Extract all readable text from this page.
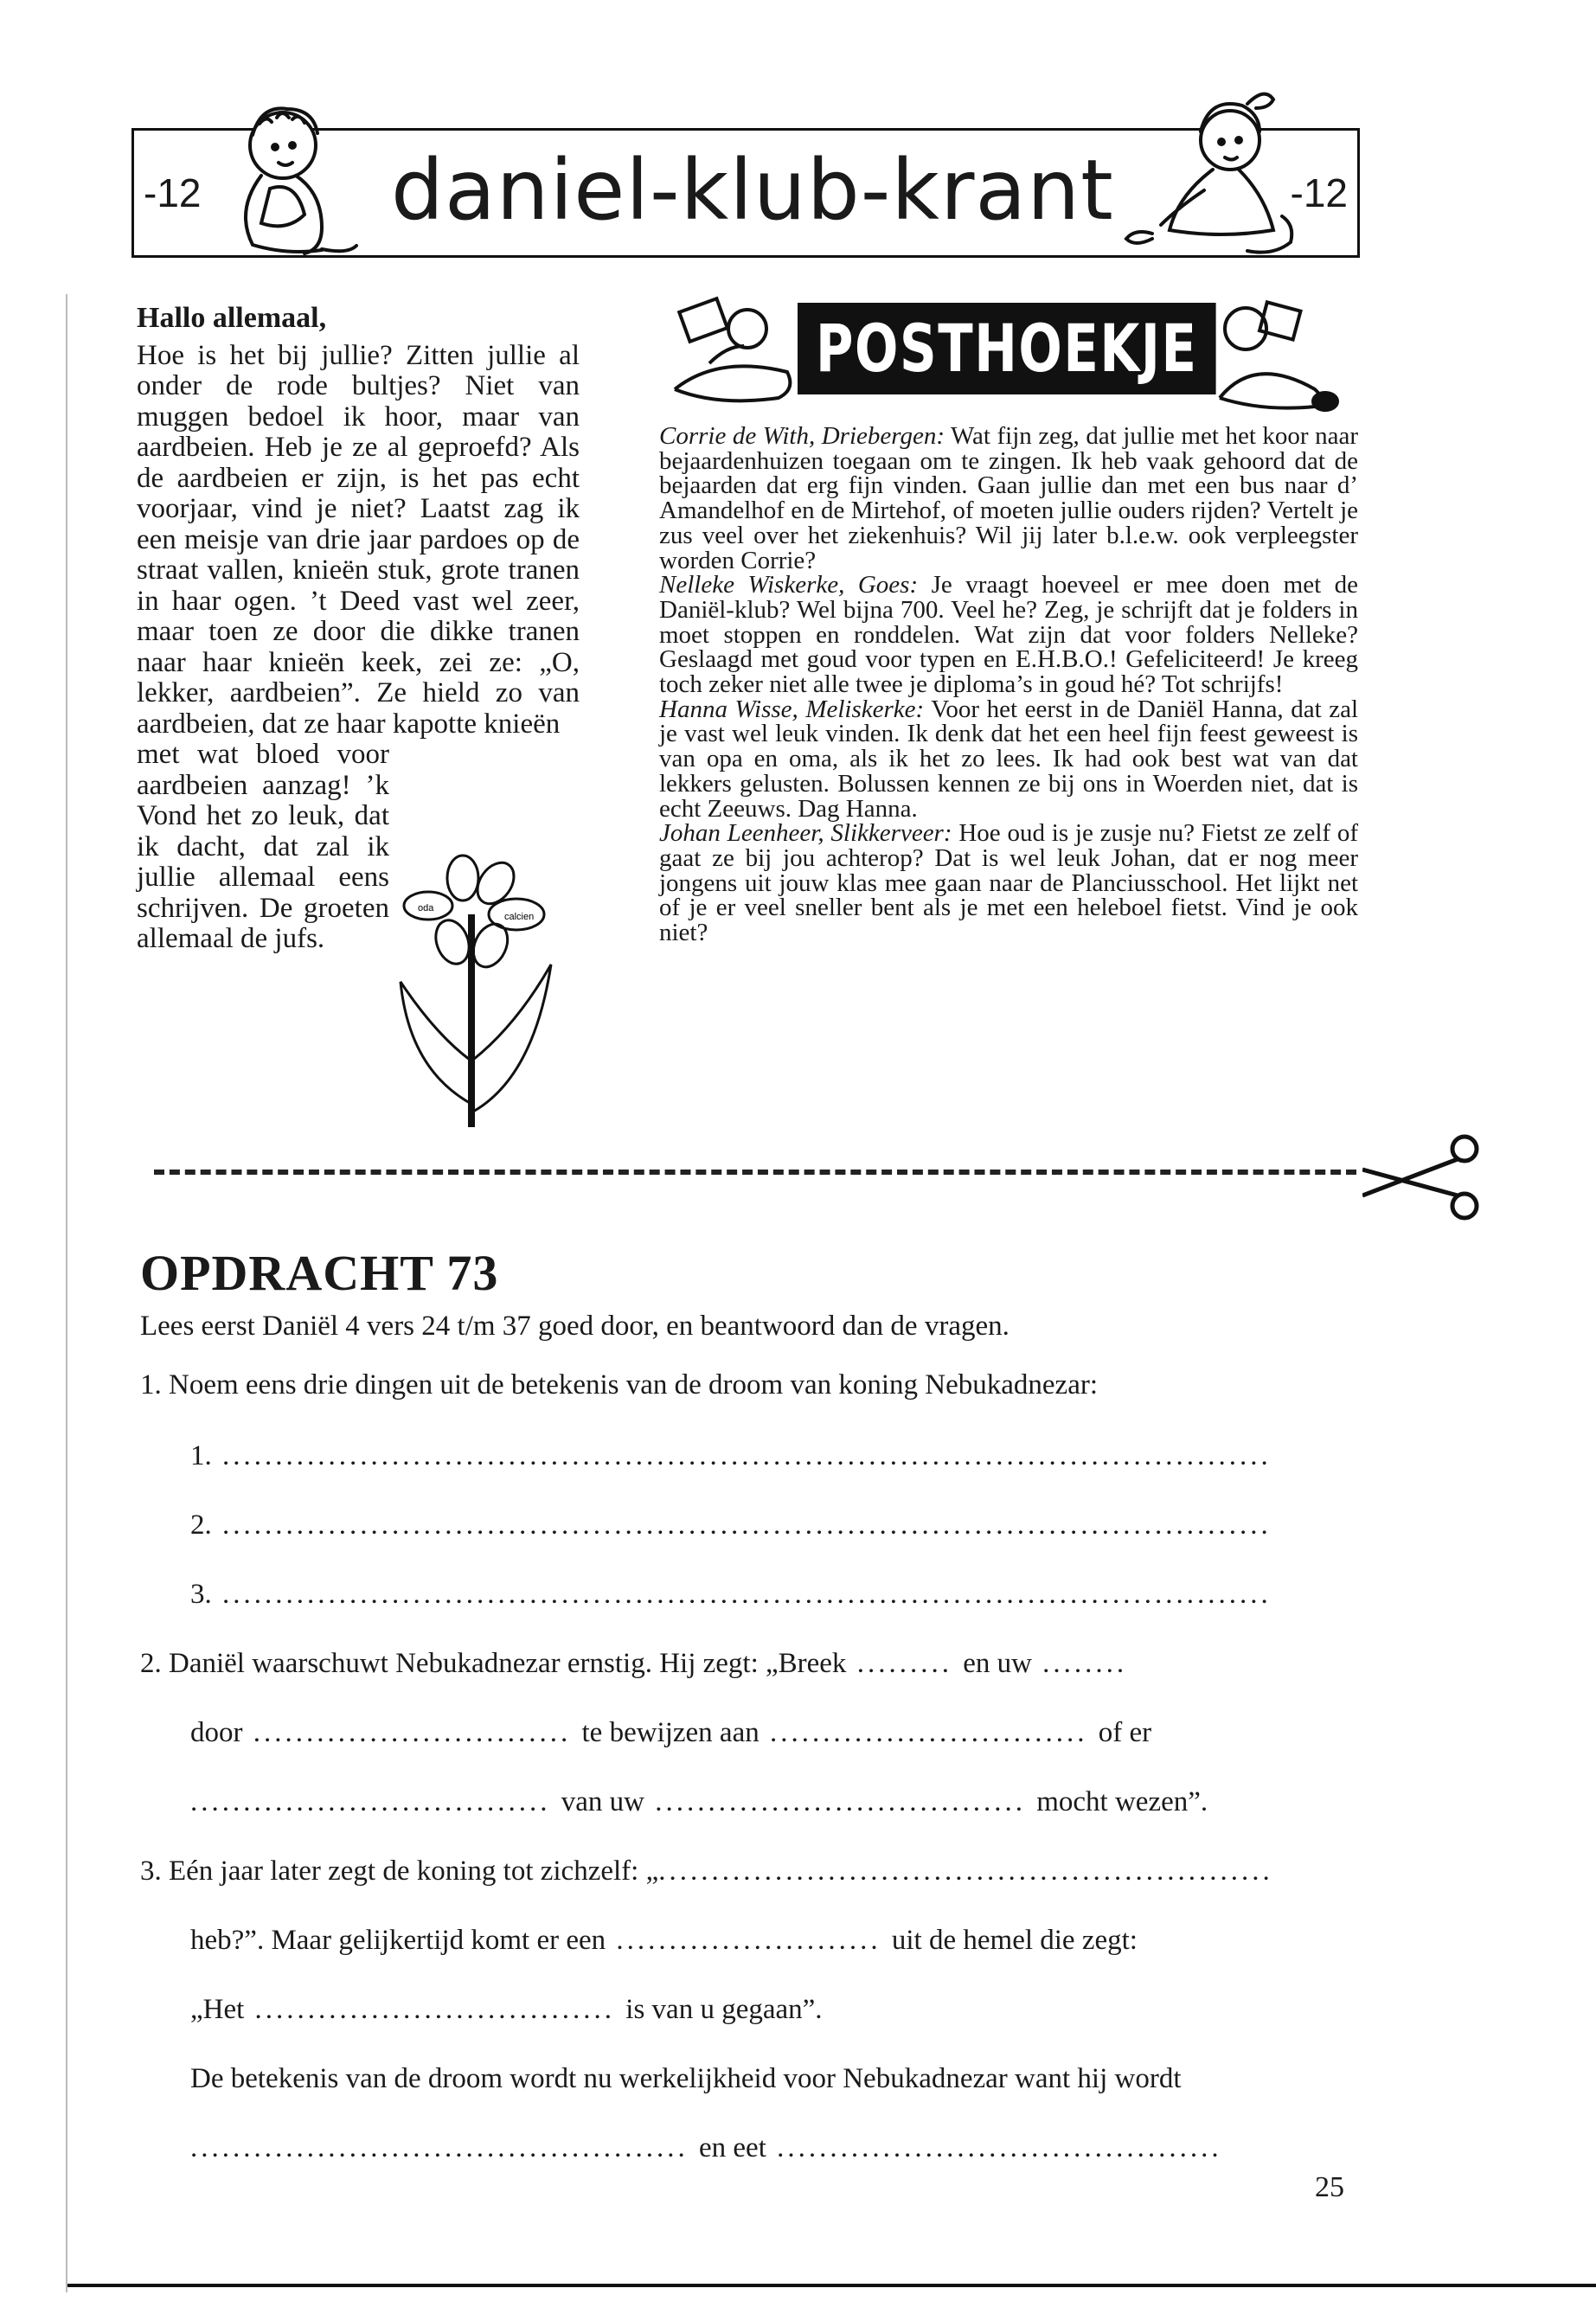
-12	-12
daniel-klub-krant
Hallo allemaal,
Hoe is het bij jullie? Zitten jullie al onder de rode bultjes? Niet van muggen bedoel ik hoor, maar van aardbeien. Heb je ze al geproefd? Als de aardbeien er zijn, is het pas echt voorjaar, vind je niet? Laatst zag ik een meisje van drie jaar pardoes op de straat vallen, knieën stuk, grote tranen in haar ogen. ’t Deed vast wel zeer, maar toen ze door die dikke tranen naar haar knieën keek, zei ze: „O, lekker, aardbeien”. Ze hield zo van aardbeien, dat ze haar kapotte knieën
met wat bloed voor aardbeien aanzag! ’k Vond het zo leuk, dat ik dacht, dat zal ik jullie allemaal eens schrijven. De groeten allemaal de jufs.
oda
calcien
POSTHOEKJE
Corrie de With, Driebergen: Wat fijn zeg, dat jullie met het koor naar bejaardenhuizen toegaan om te zingen. Ik heb vaak gehoord dat de bejaarden dat erg fijn vinden. Gaan jullie dan met een bus naar d’ Amandelhof en de Mirtehof, of moeten jullie ouders rijden? Vertelt je zus veel over het ziekenhuis? Wil jij later b.l.e.w. ook verpleegster worden Corrie?
Nelleke Wiskerke, Goes: Je vraagt hoeveel er mee doen met de Daniël-klub? Wel bijna 700. Veel he? Zeg, je schrijft dat je folders in moet stoppen en ronddelen. Wat zijn dat voor folders Nelleke? Geslaagd met goud voor typen en E.H.B.O.! Gefeliciteerd! Je kreeg toch zeker niet alle twee je diploma’s in goud hé? Tot schrijfs!
Hanna Wisse, Meliskerke: Voor het eerst in de Daniël Hanna, dat zal je vast wel leuk vinden. Ik denk dat het een heel fijn feest geweest is van opa en oma, als ik het zo lees. Ik had ook best wat van dat lekkers gelusten. Bolussen kennen ze bij ons in Woerden niet, dat is echt Zeeuws. Dag Hanna.
Johan Leenheer, Slikkerveer: Hoe oud is je zusje nu? Fietst ze zelf of gaat ze bij jou achterop? Dat is wel leuk Johan, dat er nog meer jongens uit jouw klas mee gaan naar de Planciusschool. Het lijkt net of je er veel sneller bent als je met een heleboel fietst. Vind je ook niet?
OPDRACHT 73
Lees eerst Daniël 4 vers 24 t/m 37 goed door, en beantwoord dan de vragen.
1. Noem eens drie dingen uit de betekenis van de droom van koning Nebukadnezar:
1. ...................................................................................................
2. ...................................................................................................
3. ...................................................................................................
2. Daniël waarschuwt Nebukadnezar ernstig. Hij zegt: „Breek ......... en uw ........
door .............................. te bewijzen aan .............................. of er
.................................. van uw ................................... mocht wezen”.
3. Eén jaar later zegt de koning tot zichzelf: „..........................................................
heb?”. Maar gelijkertijd komt er een ......................... uit de hemel die zegt:
„Het .................................. is van u gegaan”.
De betekenis van de droom wordt nu werkelijkheid voor Nebukadnezar want hij wordt
............................................... en eet ..........................................
25
